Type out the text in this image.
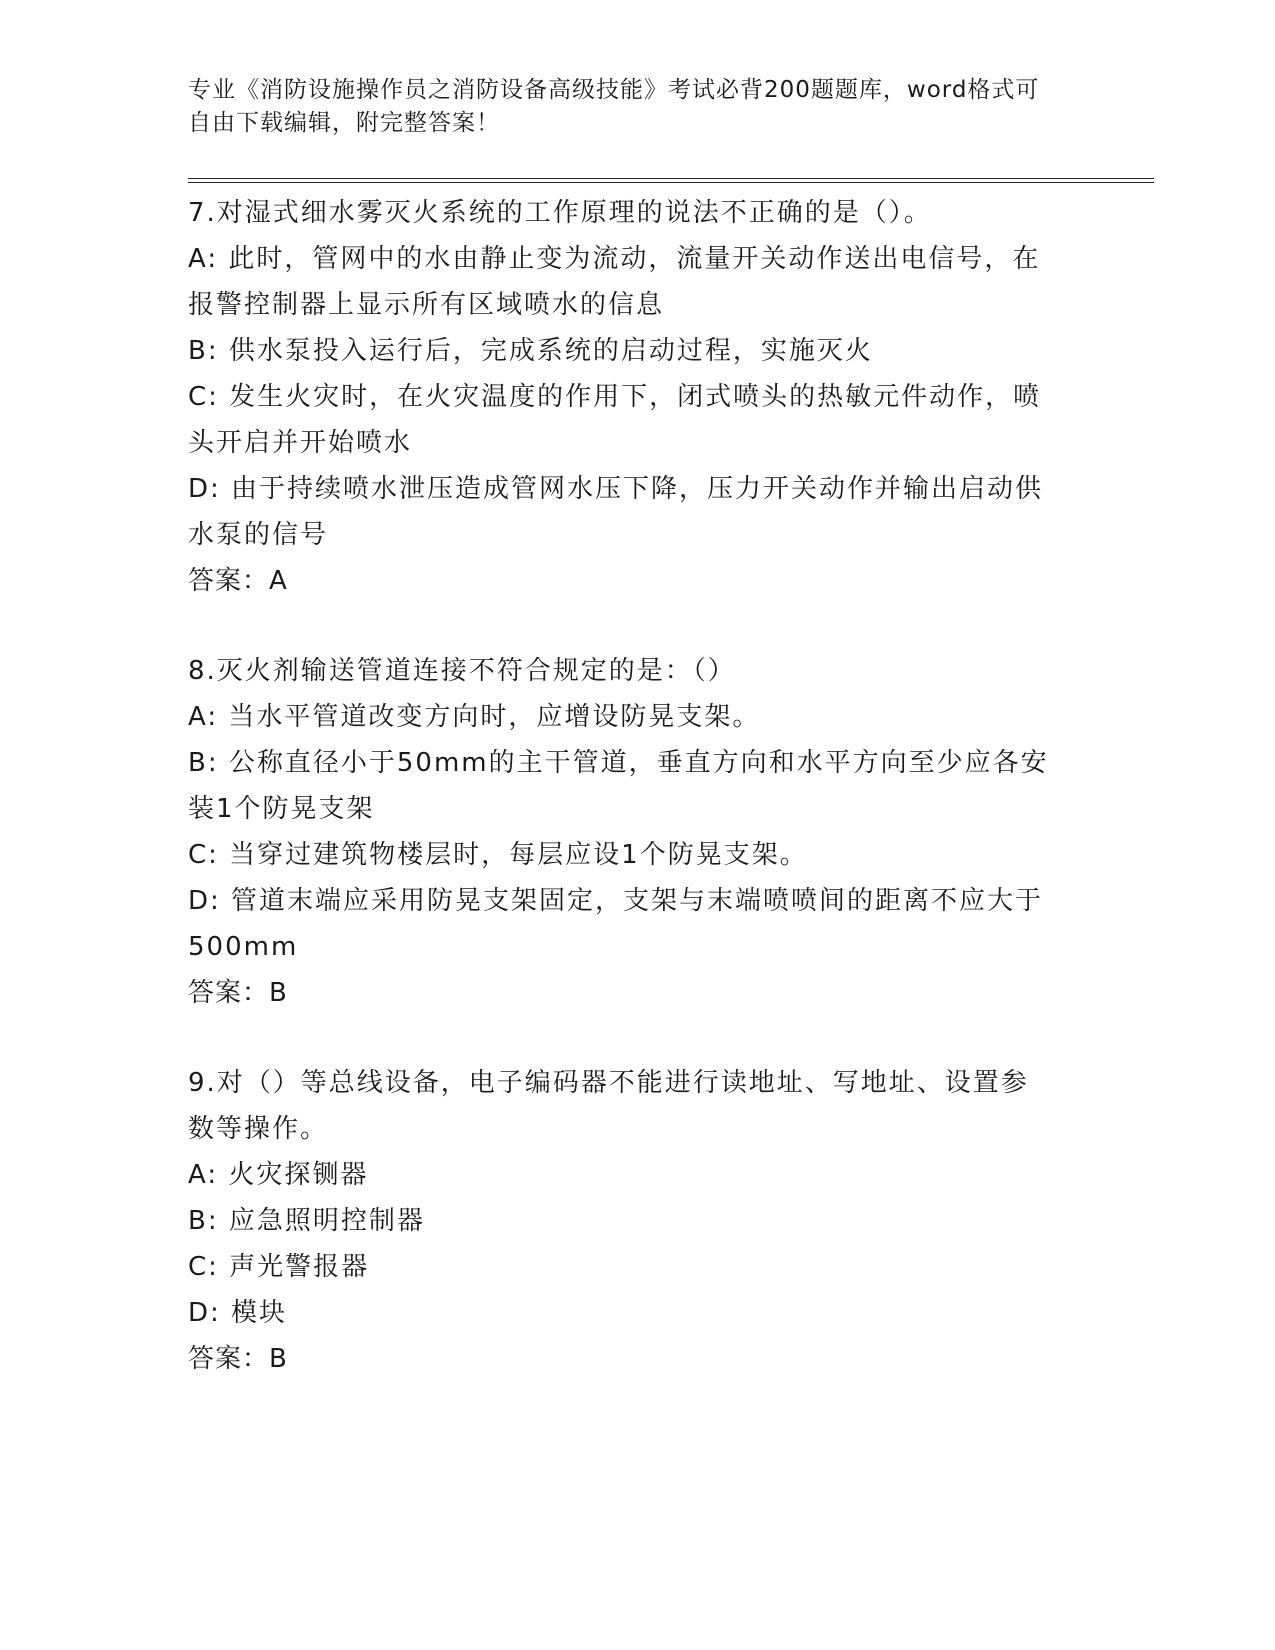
专业《消防设施操作员之消防设备高级技能》考试必背200题题库，word格式可
自由下载编辑，附完整答案！
7.对湿式细水雾灭火系统的工作原理的说法不正确的是（）。
A: 此时，管网中的水由静止变为流动，流量开关动作送出电信号，在
报警控制器上显示所有区域喷水的信息
B: 供水泵投入运行后，完成系统的启动过程，实施灭火
C: 发生火灾时，在火灾温度的作用下，闭式喷头的热敏元件动作，喷
头开启并开始喷水
D: 由于持续喷水泄压造成管网水压下降，压力开关动作并输出启动供
水泵的信号
答案：A
8.灭火剂输送管道连接不符合规定的是：（）
A: 当水平管道改变方向时，应增设防晃支架。
B: 公称直径小于50mm的主干管道，垂直方向和水平方向至少应各安
装1个防晃支架
C: 当穿过建筑物楼层时，每层应设1个防晃支架。
D: 管道末端应采用防晃支架固定，支架与末端喷喷间的距离不应大于
500mm
答案：B
9.对（）等总线设备，电子编码器不能进行读地址、写地址、设置参
数等操作。
A: 火灾探铡器
B: 应急照明控制器
C: 声光警报器
D: 模块
答案：B
